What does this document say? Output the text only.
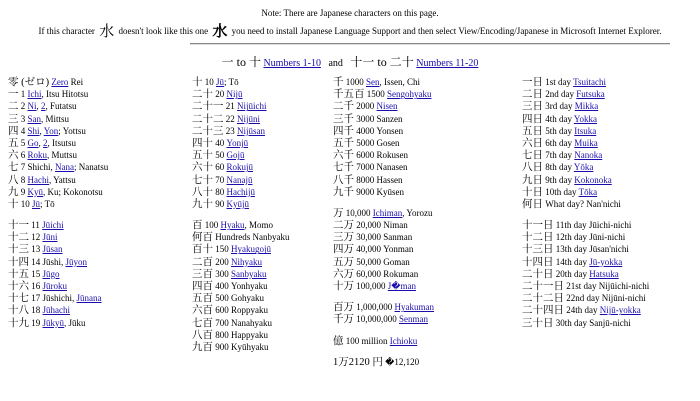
Note: There are Japanese characters on this page.
If this character 水 doesn't look like this one 水 you need to install Japanese Language Support and then select View/Encoding/Japanese in Microsoft Internet Explorer.
一 to 十 Numbers 1-10 and 十一 to 二十 Numbers 11-20
零 (ゼロ) Zero Rei
一 1 Ichi, Itsu Hitotsu
二 2 Ni, 2, Futatsu
三 3 San, Mittsu
四 4 Shi, Yon; Yottsu
五 5 Go, 2, Itsutsu
六 6 Roku, Muttsu
七 7 Shichi, Nana; Nanatsu
八 8 Hachi, Yattsu
九 9 Kyū, Ku; Kokonotsu
十 10 Jū; Tō
十一 11 Jūichi
十二 12 Jūni
十三 13 Jūsan
十四 14 Jūshi, Jūyon
十五 15 Jūgo
十六 16 Jūroku
十七 17 Jūshichi, Jūnana
十八 18 Jūhachi
十九 19 Jūkyū, Jūku
十 10 Jū; Tō
二十 20 Nijū
二十一 21 Nijūichi
二十二 22 Nijūni
二十三 23 Nijūsan
四十 40 Yonjū
五十 50 Gojū
六十 60 Rokujū
七十 70 Nanajū
八十 80 Hachijū
九十 90 Kyūjū
百 100 Hyaku, Momo
何百 Hundreds Nanbyaku
百十 150 Hyakugojū
二百 200 Nihyaku
三百 300 Sanbyaku
四百 400 Yonhyaku
五百 500 Gohyaku
六百 600 Roppyaku
七百 700 Nanahyaku
八百 800 Happyaku
九百 900 Kyūhyaku
千 1000 Sen, Issen, Chi
千五百 1500 Sengohyaku
二千 2000 Nisen
三千 3000 Sanzen
四千 4000 Yonsen
五千 5000 Gosen
六千 6000 Rokusen
七千 7000 Nanasen
八千 8000 Hassen
九千 9000 Kyūsen
万 10,000 Ichiman, Yorozu
二万 20,000 Niman
三万 30,000 Sanman
四万 40,000 Yonman
五万 50,000 Goman
六万 60,000 Rokuman
十万 100,000 J�man
百万 1,000,000 Hyakuman
千万 10,000,000 Senman
億 100 million Ichioku
1万2120 円 �12,120
一日 1st day Tsuitachi
二日 2nd day Futsuka
三日 3rd day Mikka
四日 4th day Yokka
五日 5th day Itsuka
六日 6th day Muika
七日 7th day Nanoka
八日 8th day Yōka
九日 9th day Kokonoka
十日 10th day Tōka
何日 What day? Nan'nichi
十一日 11th day Jūichi-nichi
十二日 12th day Jūni-nichi
十三日 13th day Jūsan'nichi
十四日 14th day Jū-yokka
二十日 20th day Hatsuka
二十一日 21st day Nijūichi-nichi
二十二日 22nd day Nijūni-nichi
二十四日 24th day Nijū-yokka
三十日 30th day Sanjū-nichi
